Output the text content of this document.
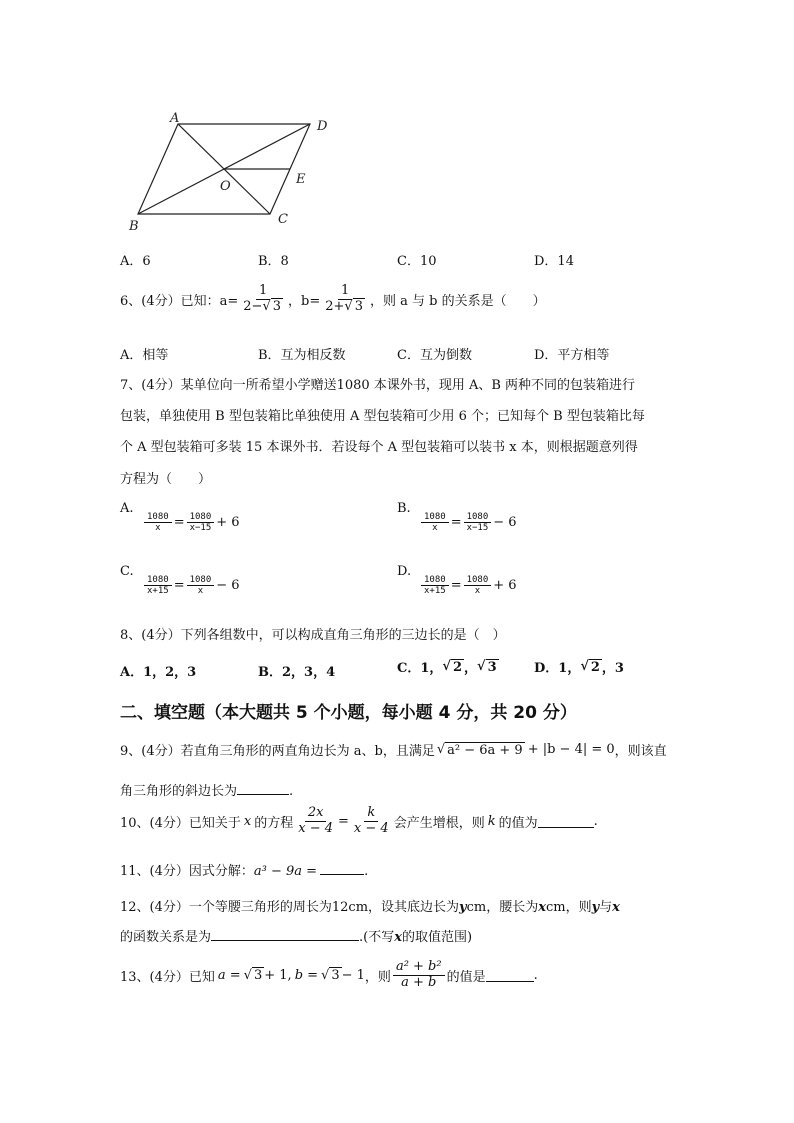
A
D
O	E
B	C
A．6	B．8	C．10	D．14
6、(4分）已知：$a= \frac{1}{2-√ 3}$ ，$b= \frac{1}{2+√ 3}$ ，则 a 与 b 的关系是（　　）
A．相等	B．互为相反数	C．互为倒数	D．平方相等
7、(4分）某单位向一所希望小学赠送1080 本课外书，现用 A、B 两种不同的包装箱进行
包装，单独使用 B 型包装箱比单独使用 A 型包装箱可少用 6 个；已知每个 B 型包装箱比每
个 A 型包装箱可多装 15 本课外书．若设每个 A 型包装箱可以装书 x 本，则根据题意列得
方程为（　　）
A.
$\frac{1080}{x} = \frac{1080}{x-15} + 6$
B.
$\frac{1080}{x} = \frac{1080}{x-15} - 6$
C.
$\frac{1080}{x+15} = \frac{1080}{x} - 6$
D.
$\frac{1080}{x+15} = \frac{1080}{x} + 6$
8、(4分）下列各组数中，可以构成直角三角形的三边长的是（　）
A．1，2，3	B．2，3，4	C．1， √ 2 ， √ 3	D．1， √ 2 ，3
二、填空题（本大题共 5 个小题，每小题 4 分，共 20 分）
9、(4分）若直角三角形的两直角边长为 a、b，且满足 √ a² − 6a + 9 + |b − 4| = 0 ，则该直
角三角形的斜边长为	.
10、(4分）已知关于 x 的方程 $\frac{2x}{x - 4} = \frac{k}{x - 4}$ 会产生增根，则 k 的值为	.
11、(4分）因式分解：a³ − 9a =	.
12、(4分）一个等腰三角形的周长为12cm，设其底边长为ycm，腰长为xcm，则y与x
的函数关系是为	.(不写x的取值范围)
13、(4分）已知 a = √ 3 + 1, b = √ 3 − 1 ，则 $\frac{\text{a² + b²}}{a + b}$ 的值是	.
